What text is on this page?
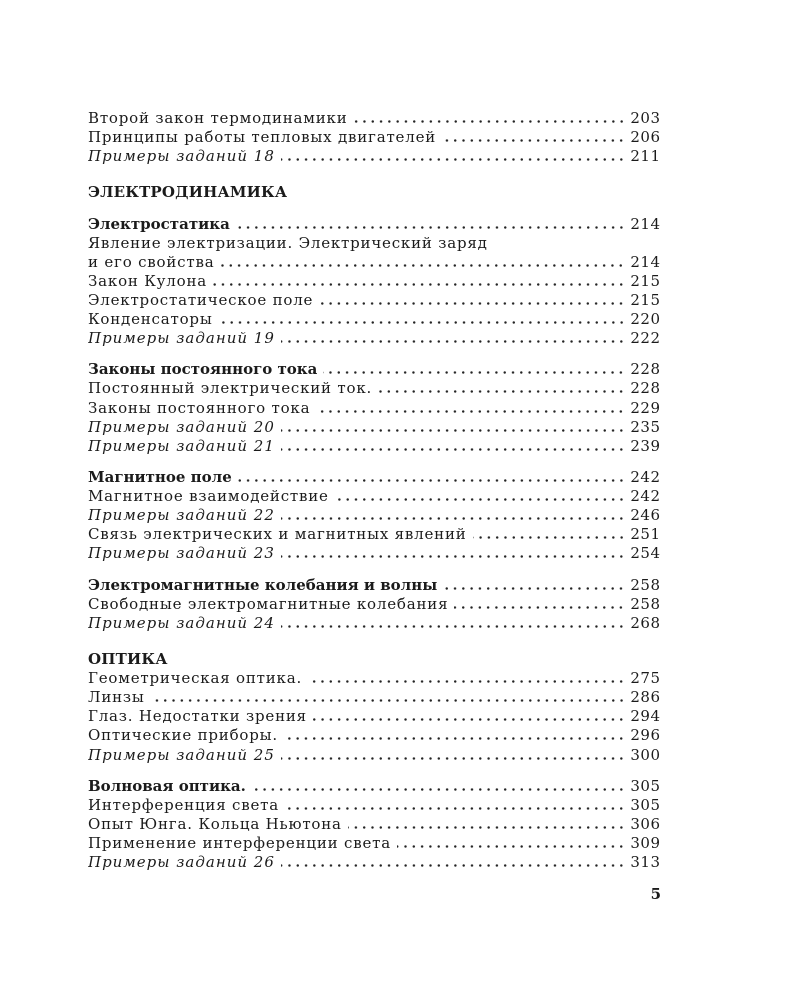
Второй закон термодинамики	203
Принципы работы тепловых двигателей	206
Примеры заданий 18	211
ЭЛЕКТРОДИНАМИКА
Электростатика	214
Явление электризации. Электрический заряд
и его свойства	214
Закон Кулона	215
Электростатическое поле	215
Конденсаторы	220
Примеры заданий 19	222
Законы постоянного тока	228
Постоянный электрический ток.	228
Законы постоянного тока	229
Примеры заданий 20	235
Примеры заданий 21	239
Магнитное поле	242
Магнитное взаимодействие	242
Примеры заданий 22	246
Связь электрических и магнитных явлений	251
Примеры заданий 23	254
Электромагнитные колебания и волны	258
Свободные электромагнитные колебания	258
Примеры заданий 24	268
ОПТИКА
Геометрическая оптика.	275
Линзы	286
Глаз. Недостатки зрения	294
Оптические приборы.	296
Примеры заданий 25	300
Волновая оптика.	305
Интерференция света	305
Опыт Юнга. Кольца Ньютона	306
Применение интерференции света	309
Примеры заданий 26	313
5
